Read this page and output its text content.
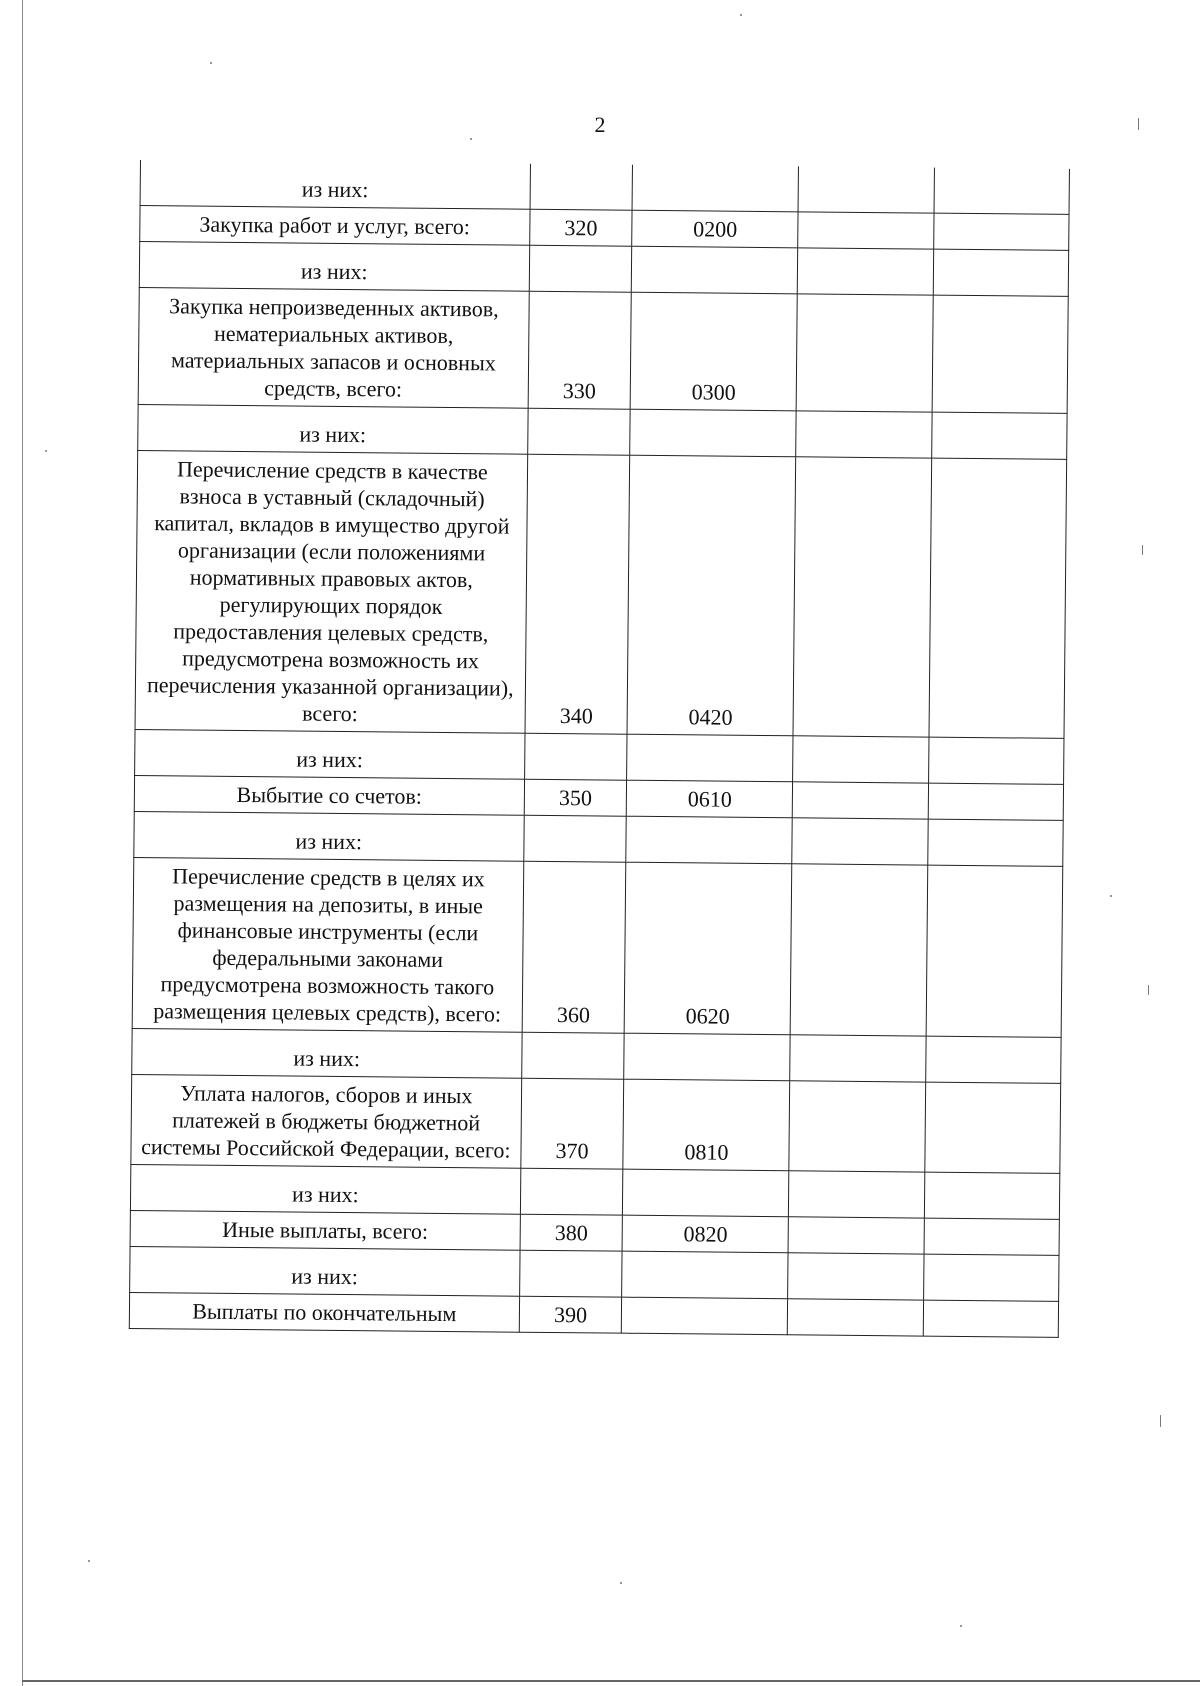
2
из них:				
Закупка работ и услуг, всего:	320	0200		
из них:				
Закупка непроизведенных активов, нематериальных активов, материальных запасов и основных средств, всего:	330	0300		
из них:				
Перечисление средств в качестве взноса в уставный (складочный) капитал, вкладов в имущество другой организации (если положениями нормативных правовых актов, регулирующих порядок предоставления целевых средств, предусмотрена возможность их перечисления указанной организации), всего:	340	0420		
из них:				
Выбытие со счетов:	350	0610		
из них:				
Перечисление средств в целях их размещения на депозиты, в иные финансовые инструменты (если федеральными законами предусмотрена возможность такого размещения целевых средств), всего:	360	0620		
из них:				
Уплата налогов, сборов и иных платежей в бюджеты бюджетной системы Российской Федерации, всего:	370	0810		
из них:				
Иные выплаты, всего:	380	0820		
из них:				
Выплаты по окончательным	390			
